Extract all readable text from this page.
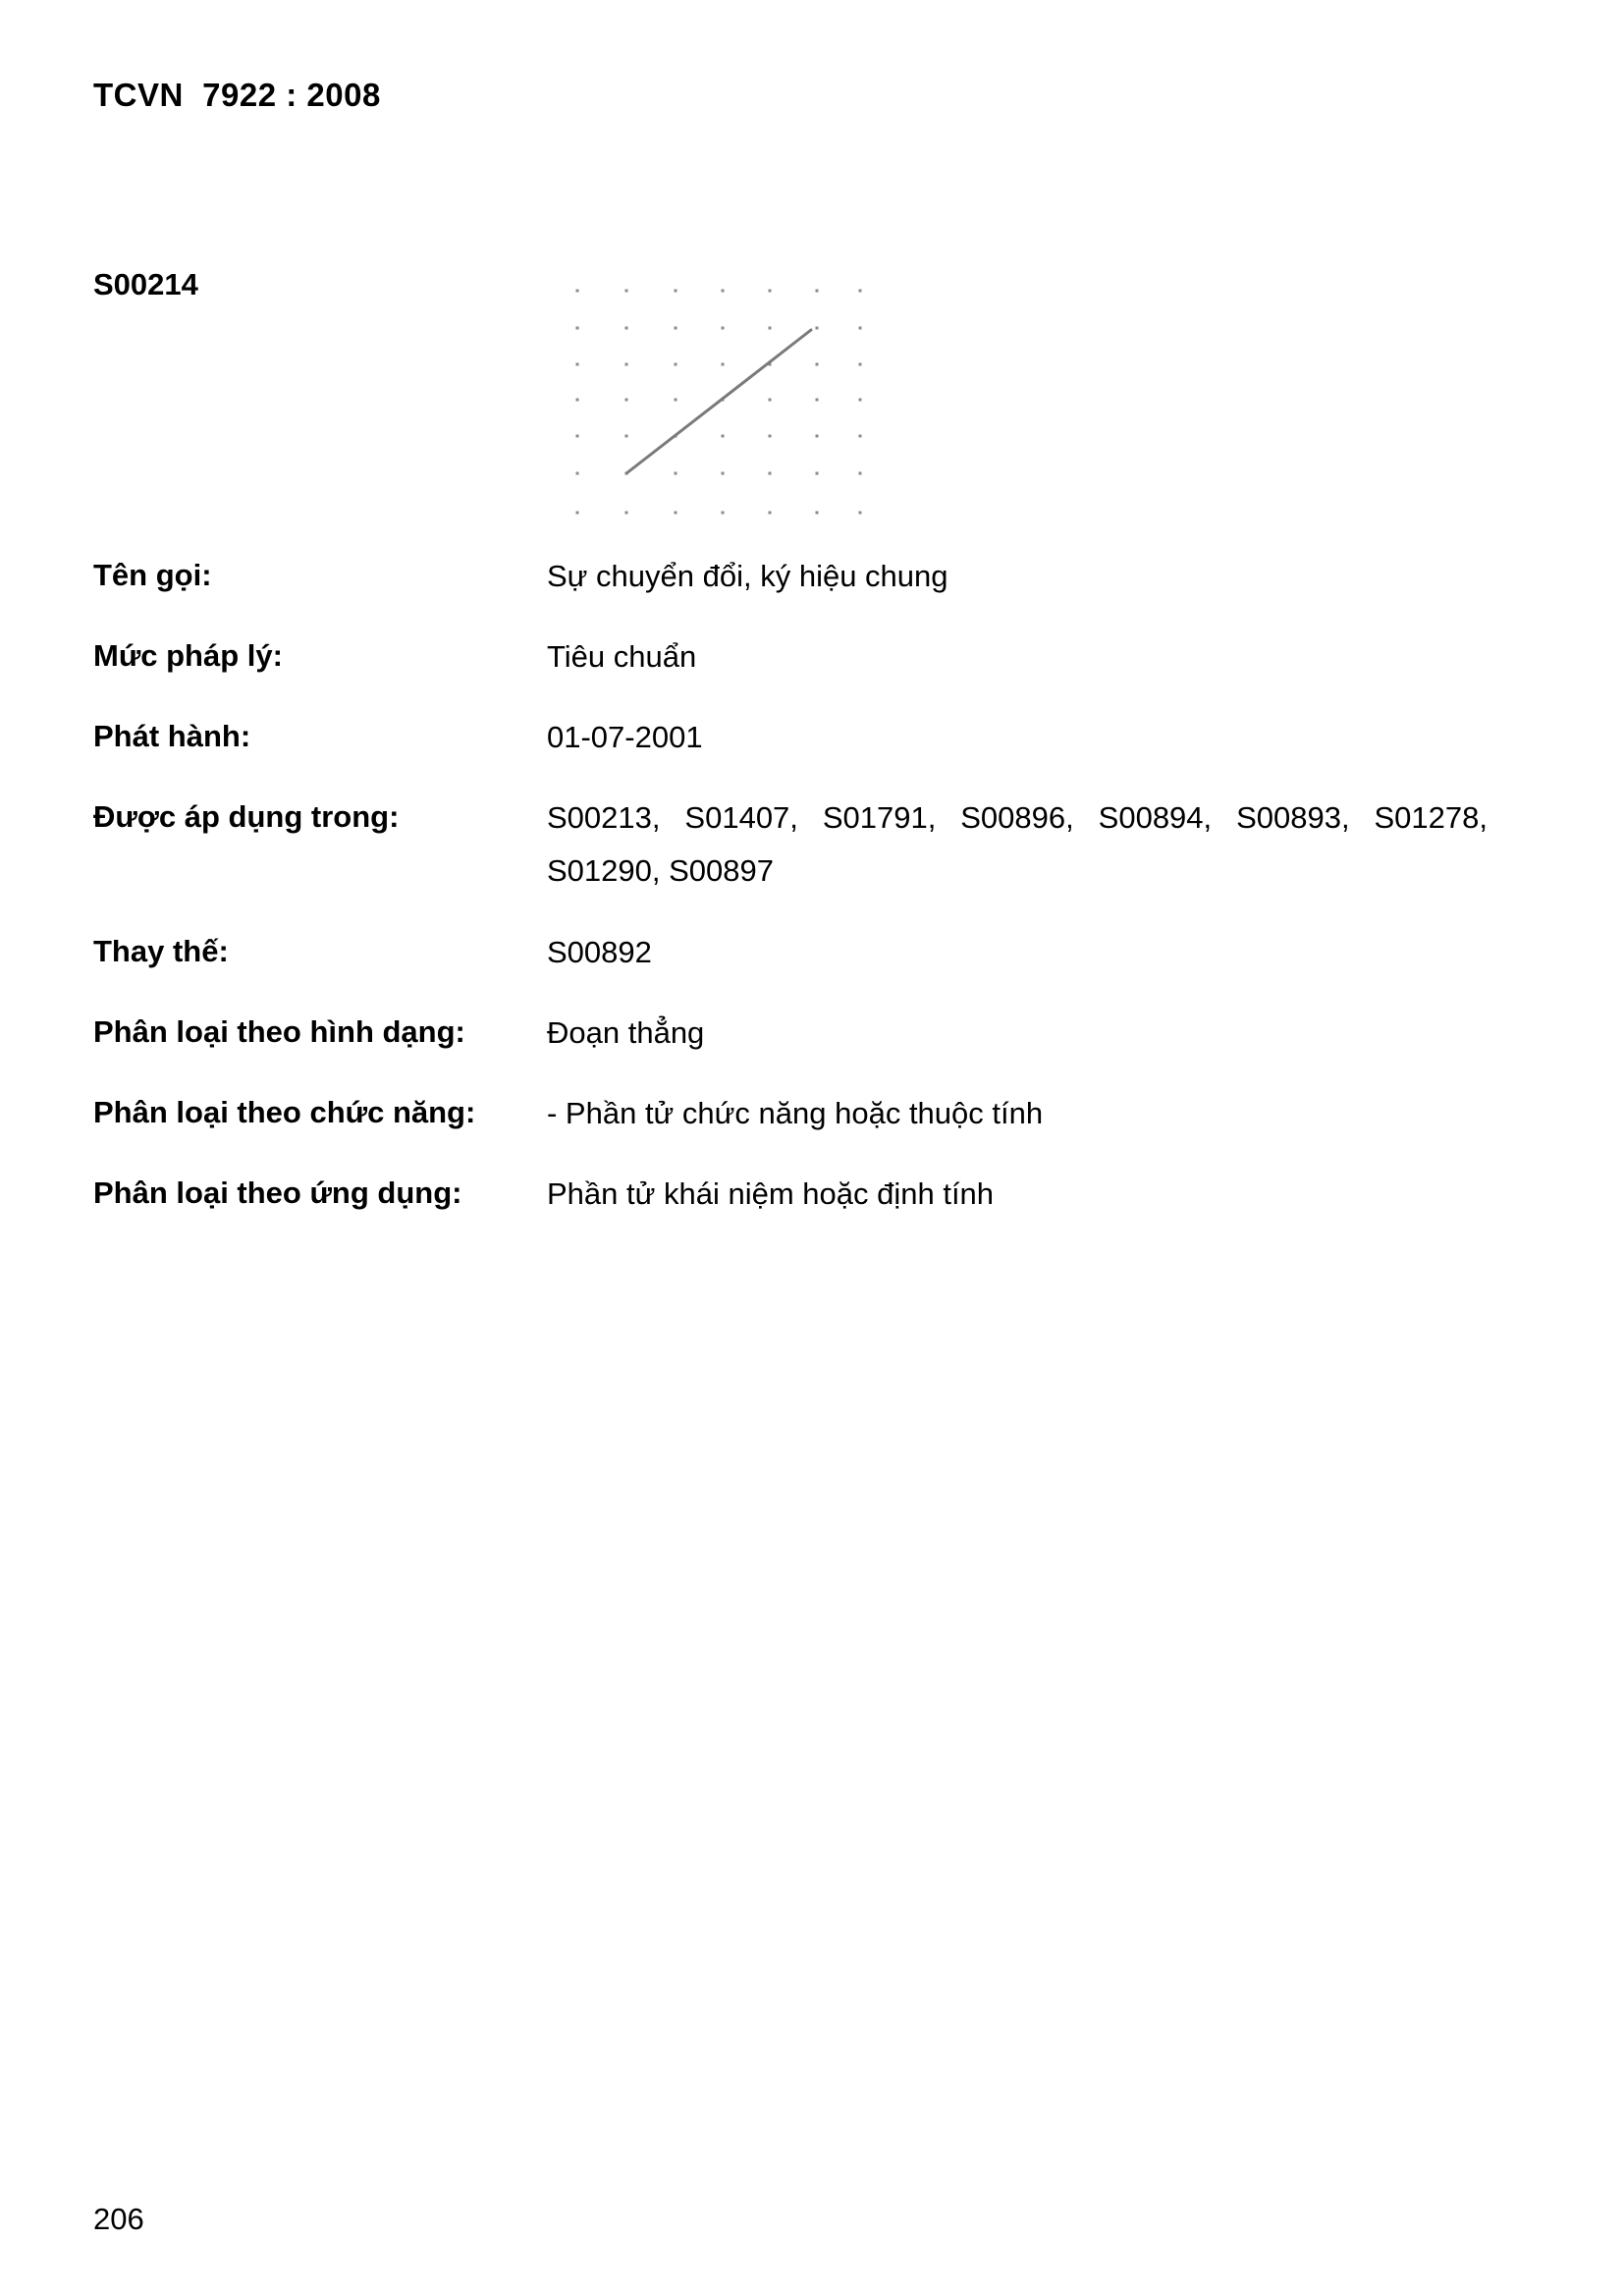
TCVN  7922 : 2008
S00214
Tên gọi:	Sự chuyển đổi, ký hiệu chung
Mức pháp lý:	Tiêu chuẩn
Phát hành:	01-07-2001
Được áp dụng trong:	S00213, S01407, S01791, S00896, S00894, S00893, S01278, S01290, S00897
Thay thế:	S00892
Phân loại theo hình dạng:	Đoạn thẳng
Phân loại theo chức năng:	- Phần tử chức năng hoặc thuộc tính
Phân loại theo ứng dụng:	Phần tử khái niệm hoặc định tính
206
